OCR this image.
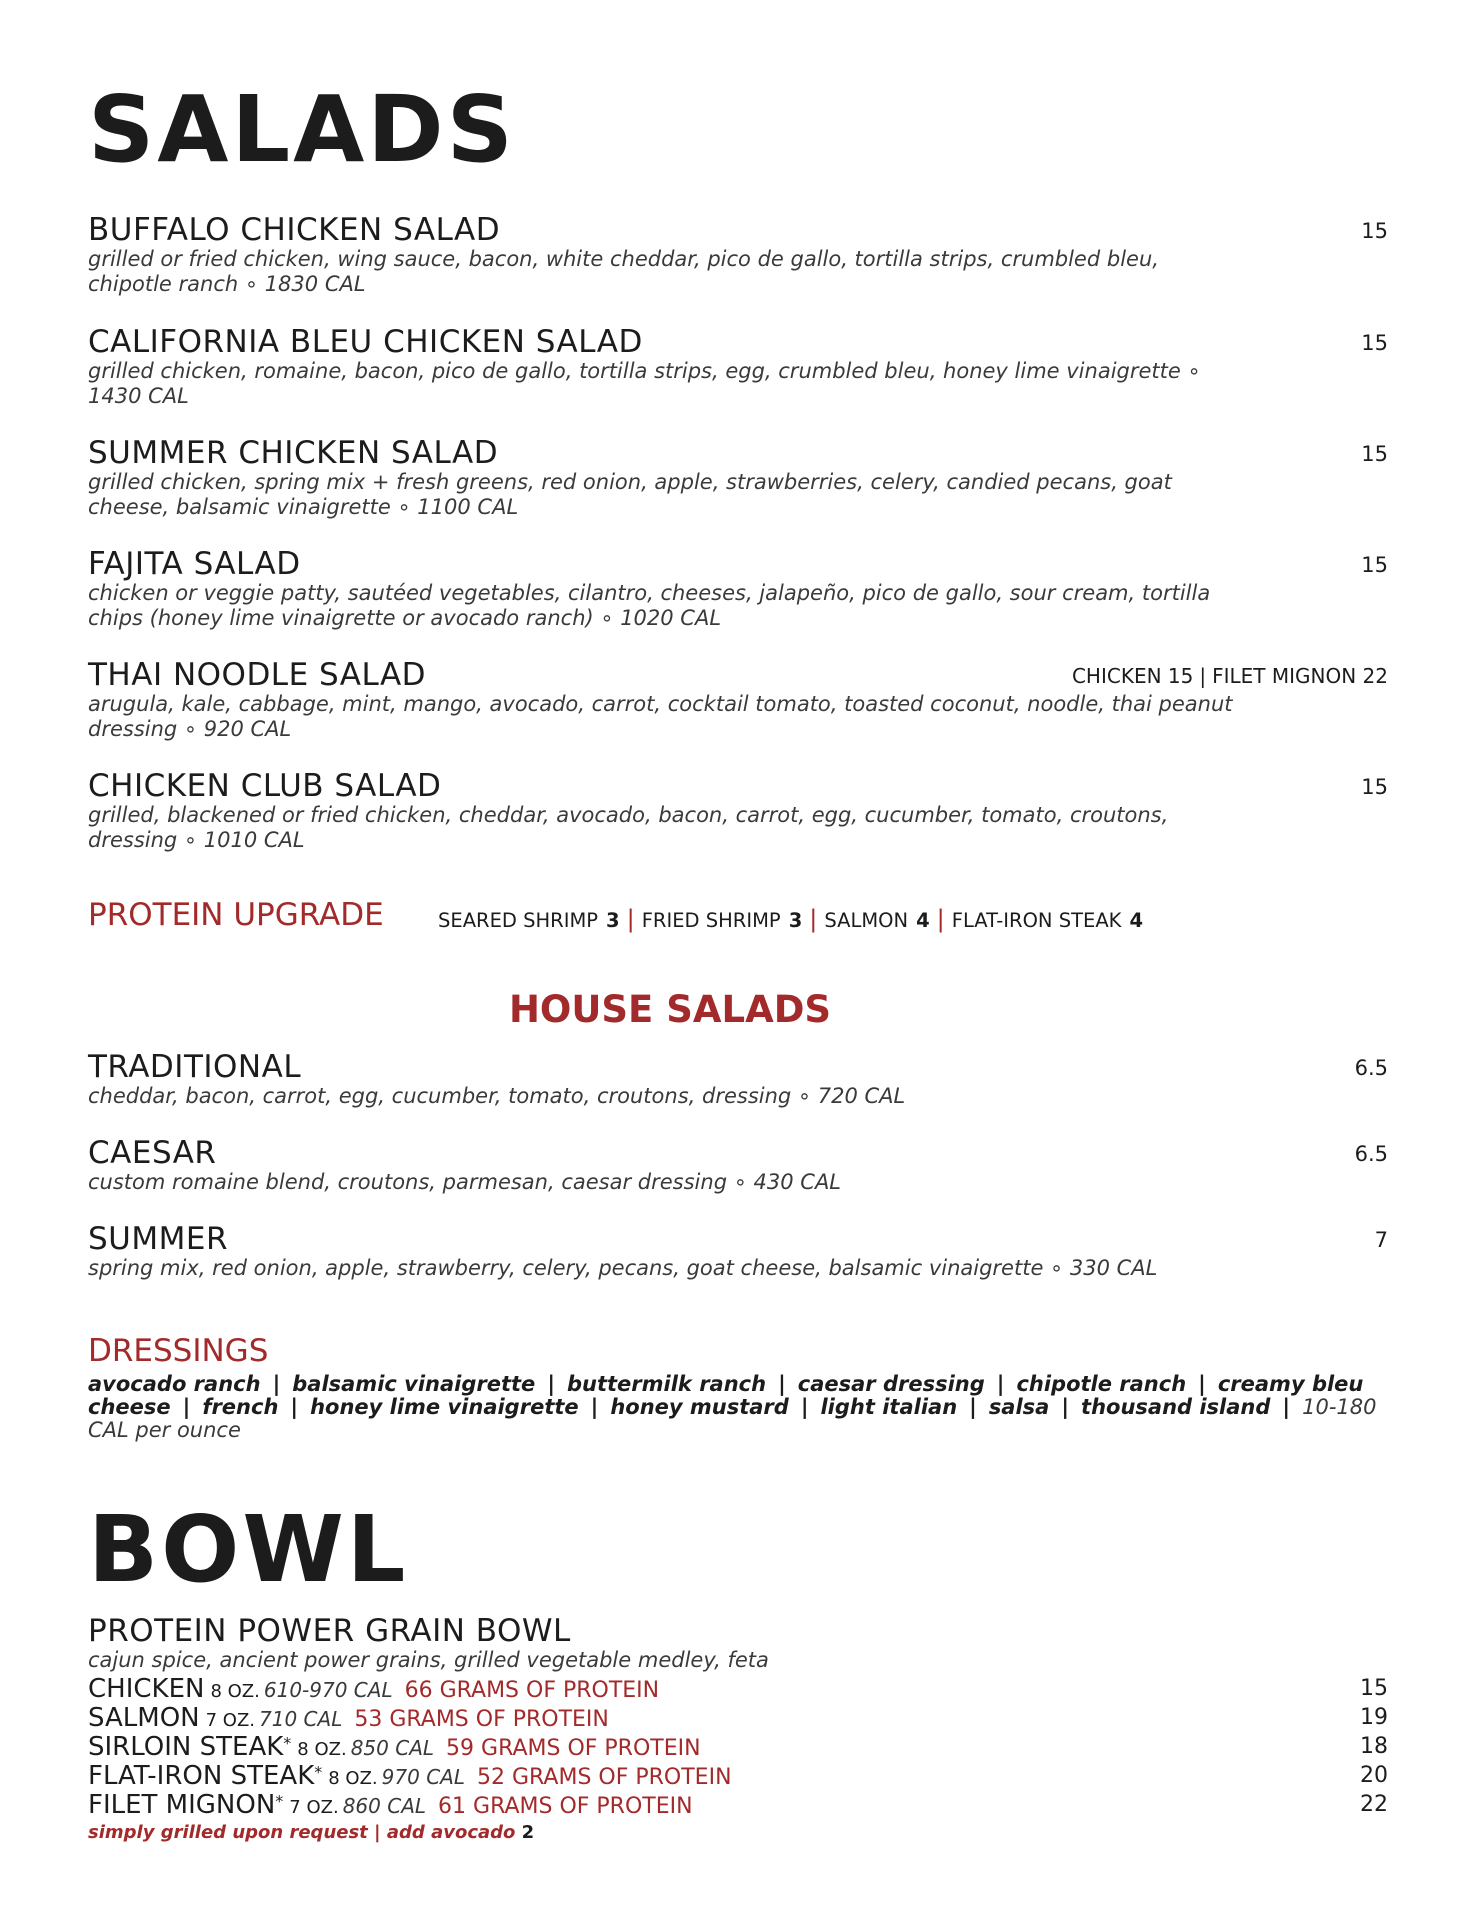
SALADS
BUFFALO CHICKEN SALAD
grilled or fried chicken, wing sauce, bacon, white cheddar, pico de gallo, tortilla strips, crumbled bleu, chipotle ranch ∘ 1830 CAL
15
CALIFORNIA BLEU CHICKEN SALAD
grilled chicken, romaine, bacon, pico de gallo, tortilla strips, egg, crumbled bleu, honey lime vinaigrette ∘ 1430 CAL
15
SUMMER CHICKEN SALAD
grilled chicken, spring mix + fresh greens, red onion, apple, strawberries, celery, candied pecans, goat cheese, balsamic vinaigrette ∘ 1100 CAL
15
FAJITA SALAD
chicken or veggie patty, sautéed vegetables, cilantro, cheeses, jalapeño, pico de gallo, sour cream, tortilla chips (honey lime vinaigrette or avocado ranch) ∘ 1020 CAL
15
THAI NOODLE SALAD
arugula, kale, cabbage, mint, mango, avocado, carrot, cocktail tomato, toasted coconut, noodle, thai peanut dressing ∘ 920 CAL
CHICKEN 15 | FILET MIGNON 22
CHICKEN CLUB SALAD
grilled, blackened or fried chicken, cheddar, avocado, bacon, carrot, egg, cucumber, tomato, croutons, dressing ∘ 1010 CAL
15
PROTEIN UPGRADE	SEARED SHRIMP 3 | FRIED SHRIMP 3 | SALMON 4 | FLAT-IRON STEAK 4
HOUSE SALADS
TRADITIONAL
cheddar, bacon, carrot, egg, cucumber, tomato, croutons, dressing ∘ 720 CAL
6.5
CAESAR
custom romaine blend, croutons, parmesan, caesar dressing ∘ 430 CAL
6.5
SUMMER
spring mix, red onion, apple, strawberry, celery, pecans, goat cheese, balsamic vinaigrette ∘ 330 CAL
7
DRESSINGS
avocado ranch | balsamic vinaigrette | buttermilk ranch | caesar dressing | chipotle ranch | creamy bleu cheese | french | honey lime vinaigrette | honey mustard | light italian | salsa | thousand island | 10-180 CAL per ounce
BOWL
PROTEIN POWER GRAIN BOWL
cajun spice, ancient power grains, grilled vegetable medley, feta
CHICKEN 8 OZ. 610-970 CAL 66 GRAMS OF PROTEIN	15
SALMON 7 OZ. 710 CAL 53 GRAMS OF PROTEIN	19
SIRLOIN STEAK* 8 OZ. 850 CAL 59 GRAMS OF PROTEIN	18
FLAT-IRON STEAK* 8 OZ. 970 CAL 52 GRAMS OF PROTEIN	20
FILET MIGNON* 7 OZ. 860 CAL 61 GRAMS OF PROTEIN	22
simply grilled upon request | add avocado 2
